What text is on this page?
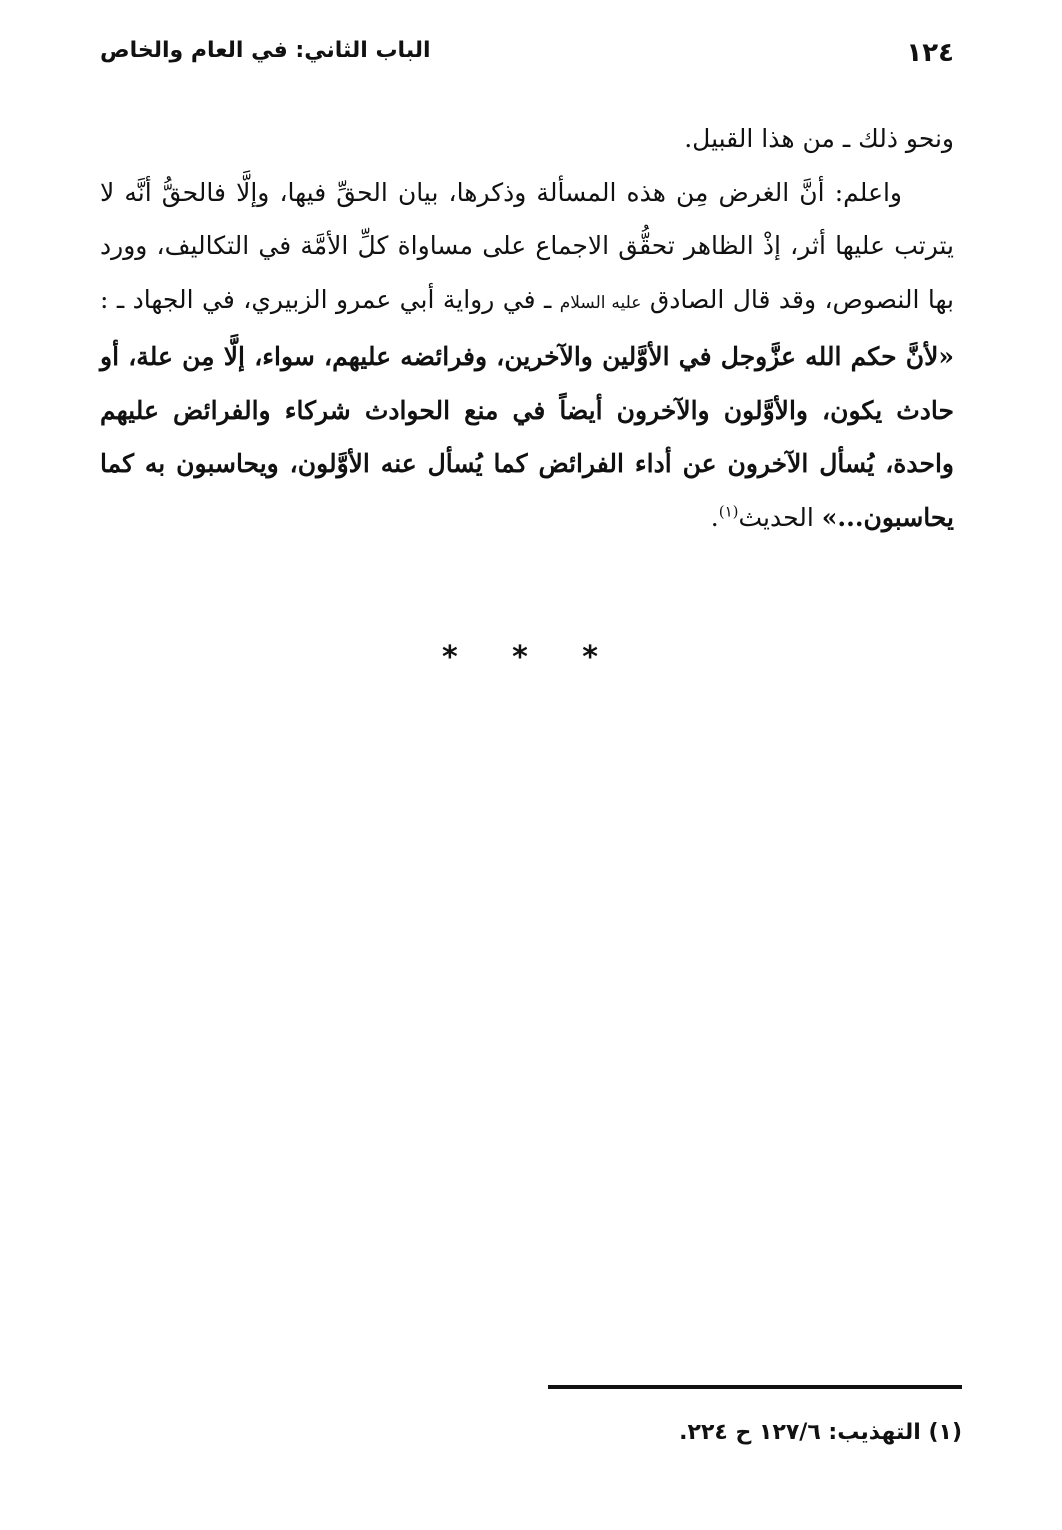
١٢٤
الباب الثاني: في العام والخاص

ونحو ذلك ـ من هذا القبيل.

واعلم: أنَّ الغرض مِن هذه المسألة وذكرها، بيان الحقِّ فيها، وإلَّا فالحقُّ أنَّه لا يترتب عليها أثر، إذْ الظاهر تحقُّق الاجماع على مساواة كلِّ الأمَّة في التكاليف، وورد بها النصوص، وقد قال الصادق عليه السلام ـ في رواية أبي عمرو الزبيري، في الجهاد ـ : «لأنَّ حكم الله عزَّوجل في الأوَّلين والآخرين، وفرائضه عليهم، سواء، إلَّا مِن علة، أو حادث يكون، والأوَّلون والآخرون أيضاً في منع الحوادث شركاء والفرائض عليهم واحدة، يُسأل الآخرون عن أداء الفرائض كما يُسأل عنه الأوَّلون، ويحاسبون به كما يحاسبون...» الحديث$^{(١)}$.

* * *
(١) التهذيب: ١٢٧/٦ ح ٢٢٤.
